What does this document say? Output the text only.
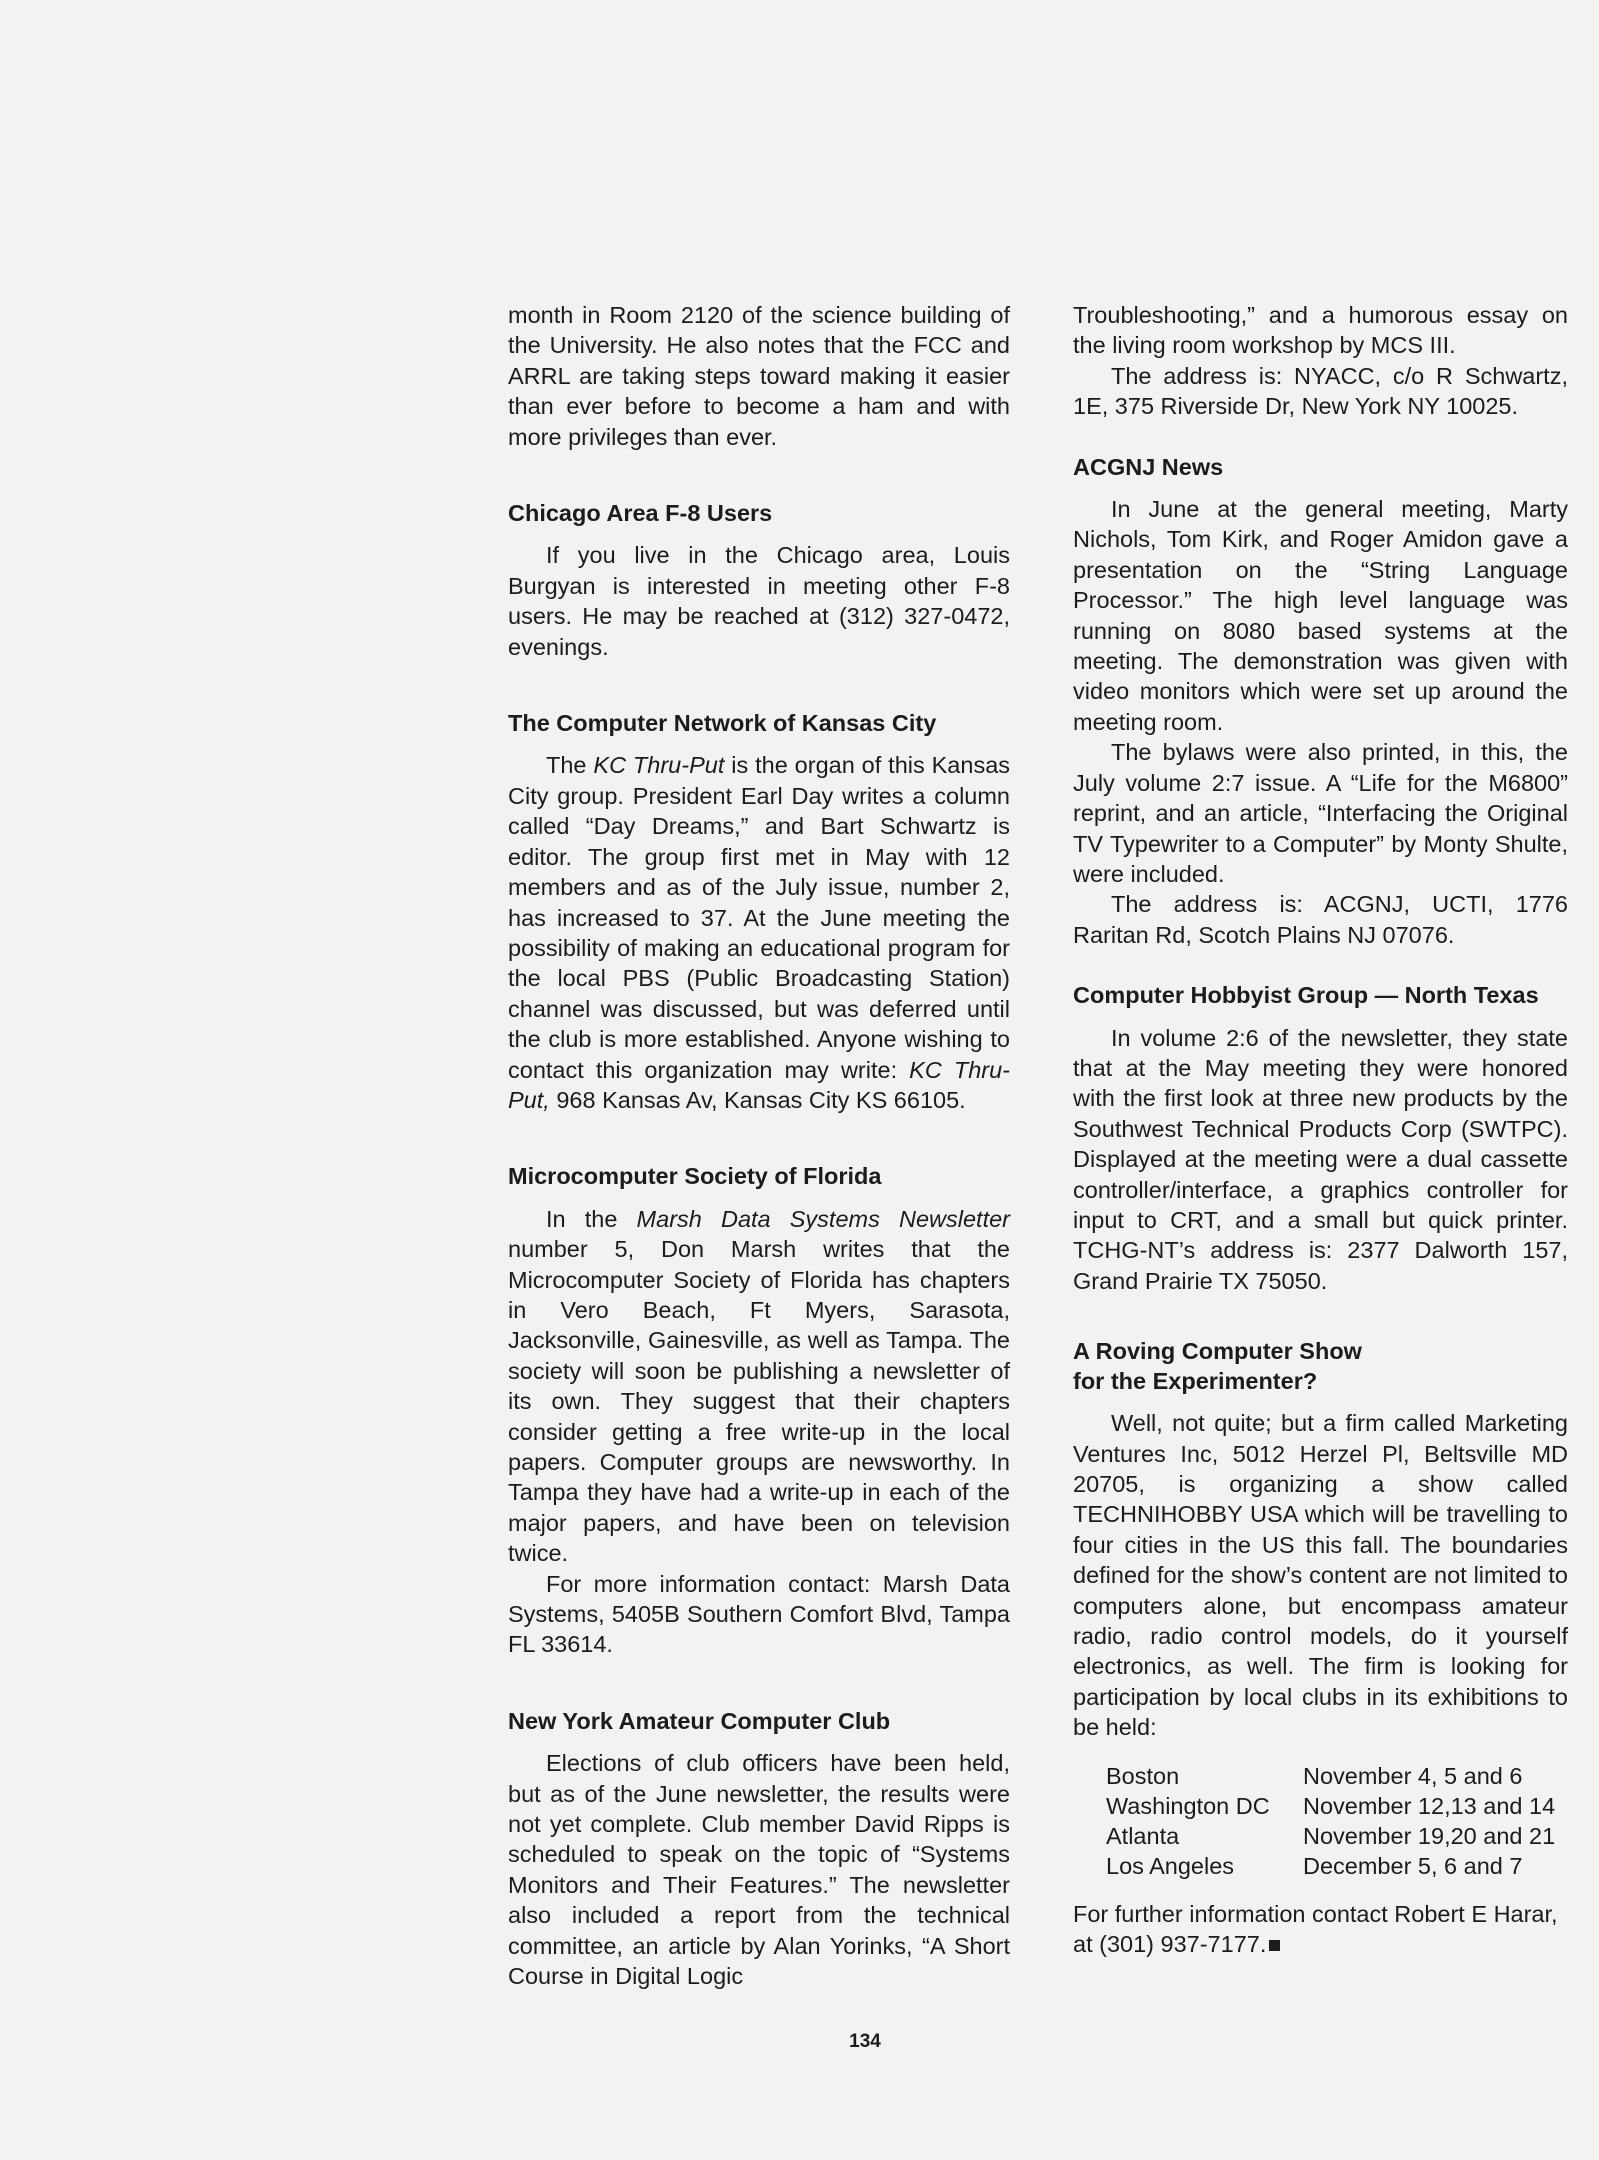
month in Room 2120 of the science building of the University. He also notes that the FCC and ARRL are taking steps toward making it easier than ever before to become a ham and with more privileges than ever.

Chicago Area F-8 Users

If you live in the Chicago area, Louis Burgyan is interested in meeting other F-8 users. He may be reached at (312) 327-0472, evenings.

The Computer Network of Kansas City

The KC Thru-Put is the organ of this Kansas City group. President Earl Day writes a column called “Day Dreams,” and Bart Schwartz is editor. The group first met in May with 12 members and as of the July issue, number 2, has increased to 37. At the June meeting the possibility of making an educational program for the local PBS (Public Broadcasting Station) channel was discussed, but was deferred until the club is more established. Anyone wishing to contact this organization may write: KC Thru-Put, 968 Kansas Av, Kansas City KS 66105.

Microcomputer Society of Florida

In the Marsh Data Systems Newsletter number 5, Don Marsh writes that the Microcomputer Society of Florida has chapters in Vero Beach, Ft Myers, Sarasota, Jacksonville, Gainesville, as well as Tampa. The society will soon be publishing a newsletter of its own. They suggest that their chapters consider getting a free write-up in the local papers. Computer groups are newsworthy. In Tampa they have had a write-up in each of the major papers, and have been on television twice.

For more information contact: Marsh Data Systems, 5405B Southern Comfort Blvd, Tampa FL 33614.

New York Amateur Computer Club

Elections of club officers have been held, but as of the June newsletter, the results were not yet complete. Club member David Ripps is scheduled to speak on the topic of “Systems Monitors and Their Features.” The newsletter also included a report from the technical committee, an article by Alan Yorinks, “A Short Course in Digital Logic

Troubleshooting,” and a humorous essay on the living room workshop by MCS III.

The address is: NYACC, c/o R Schwartz, 1E, 375 Riverside Dr, New York NY 10025.

ACGNJ News

In June at the general meeting, Marty Nichols, Tom Kirk, and Roger Amidon gave a presentation on the “String Language Processor.” The high level language was running on 8080 based systems at the meeting. The demonstration was given with video monitors which were set up around the meeting room.

The bylaws were also printed, in this, the July volume 2:7 issue. A “Life for the M6800” reprint, and an article, “Interfacing the Original TV Typewriter to a Computer” by Monty Shulte, were included.

The address is: ACGNJ, UCTI, 1776 Raritan Rd, Scotch Plains NJ 07076.

Computer Hobbyist Group — North Texas

In volume 2:6 of the newsletter, they state that at the May meeting they were honored with the first look at three new products by the Southwest Technical Products Corp (SWTPC). Displayed at the meeting were a dual cassette controller/interface, a graphics controller for input to CRT, and a small but quick printer. TCHG-NT’s address is: 2377 Dalworth 157, Grand Prairie TX 75050.

A Roving Computer Show
for the Experimenter?

Well, not quite; but a firm called Marketing Ventures Inc, 5012 Herzel Pl, Beltsville MD 20705, is organizing a show called TECHNIHOBBY USA which will be travelling to four cities in the US this fall. The boundaries defined for the show’s content are not limited to computers alone, but encompass amateur radio, radio control models, do it yourself electronics, as well. The firm is looking for participation by local clubs in its exhibitions to be held:

Boston	November 4, 5 and 6
Washington DC	November 12,13 and 14
Atlanta	November 19,20 and 21
Los Angeles	December 5, 6 and 7

For further information contact Robert E Harar, at (301) 937-7177.

134
